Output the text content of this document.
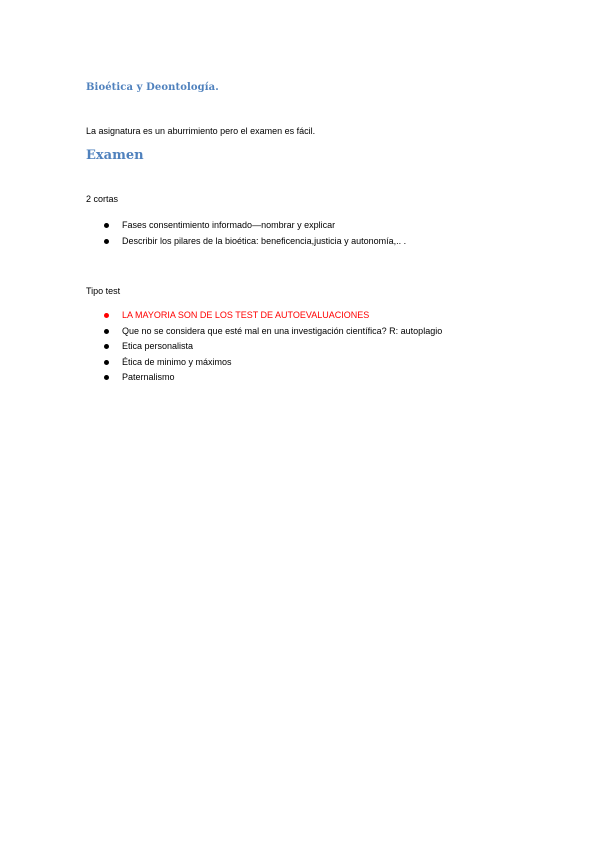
Bioética y Deontología.
La asignatura es un aburrimiento pero el examen es fácil.
Examen
2 cortas
Fases consentimiento informado—nombrar y explicar
Describir los pilares de la bioética: beneficencia,justicia y autonomía,.. .
Tipo test
LA MAYORIA SON DE LOS TEST DE AUTOEVALUACIONES
Que no se considera que esté mal en una investigación científica? R: autoplagio
Etica personalista
Ética de minimo y máximos
Paternalismo
